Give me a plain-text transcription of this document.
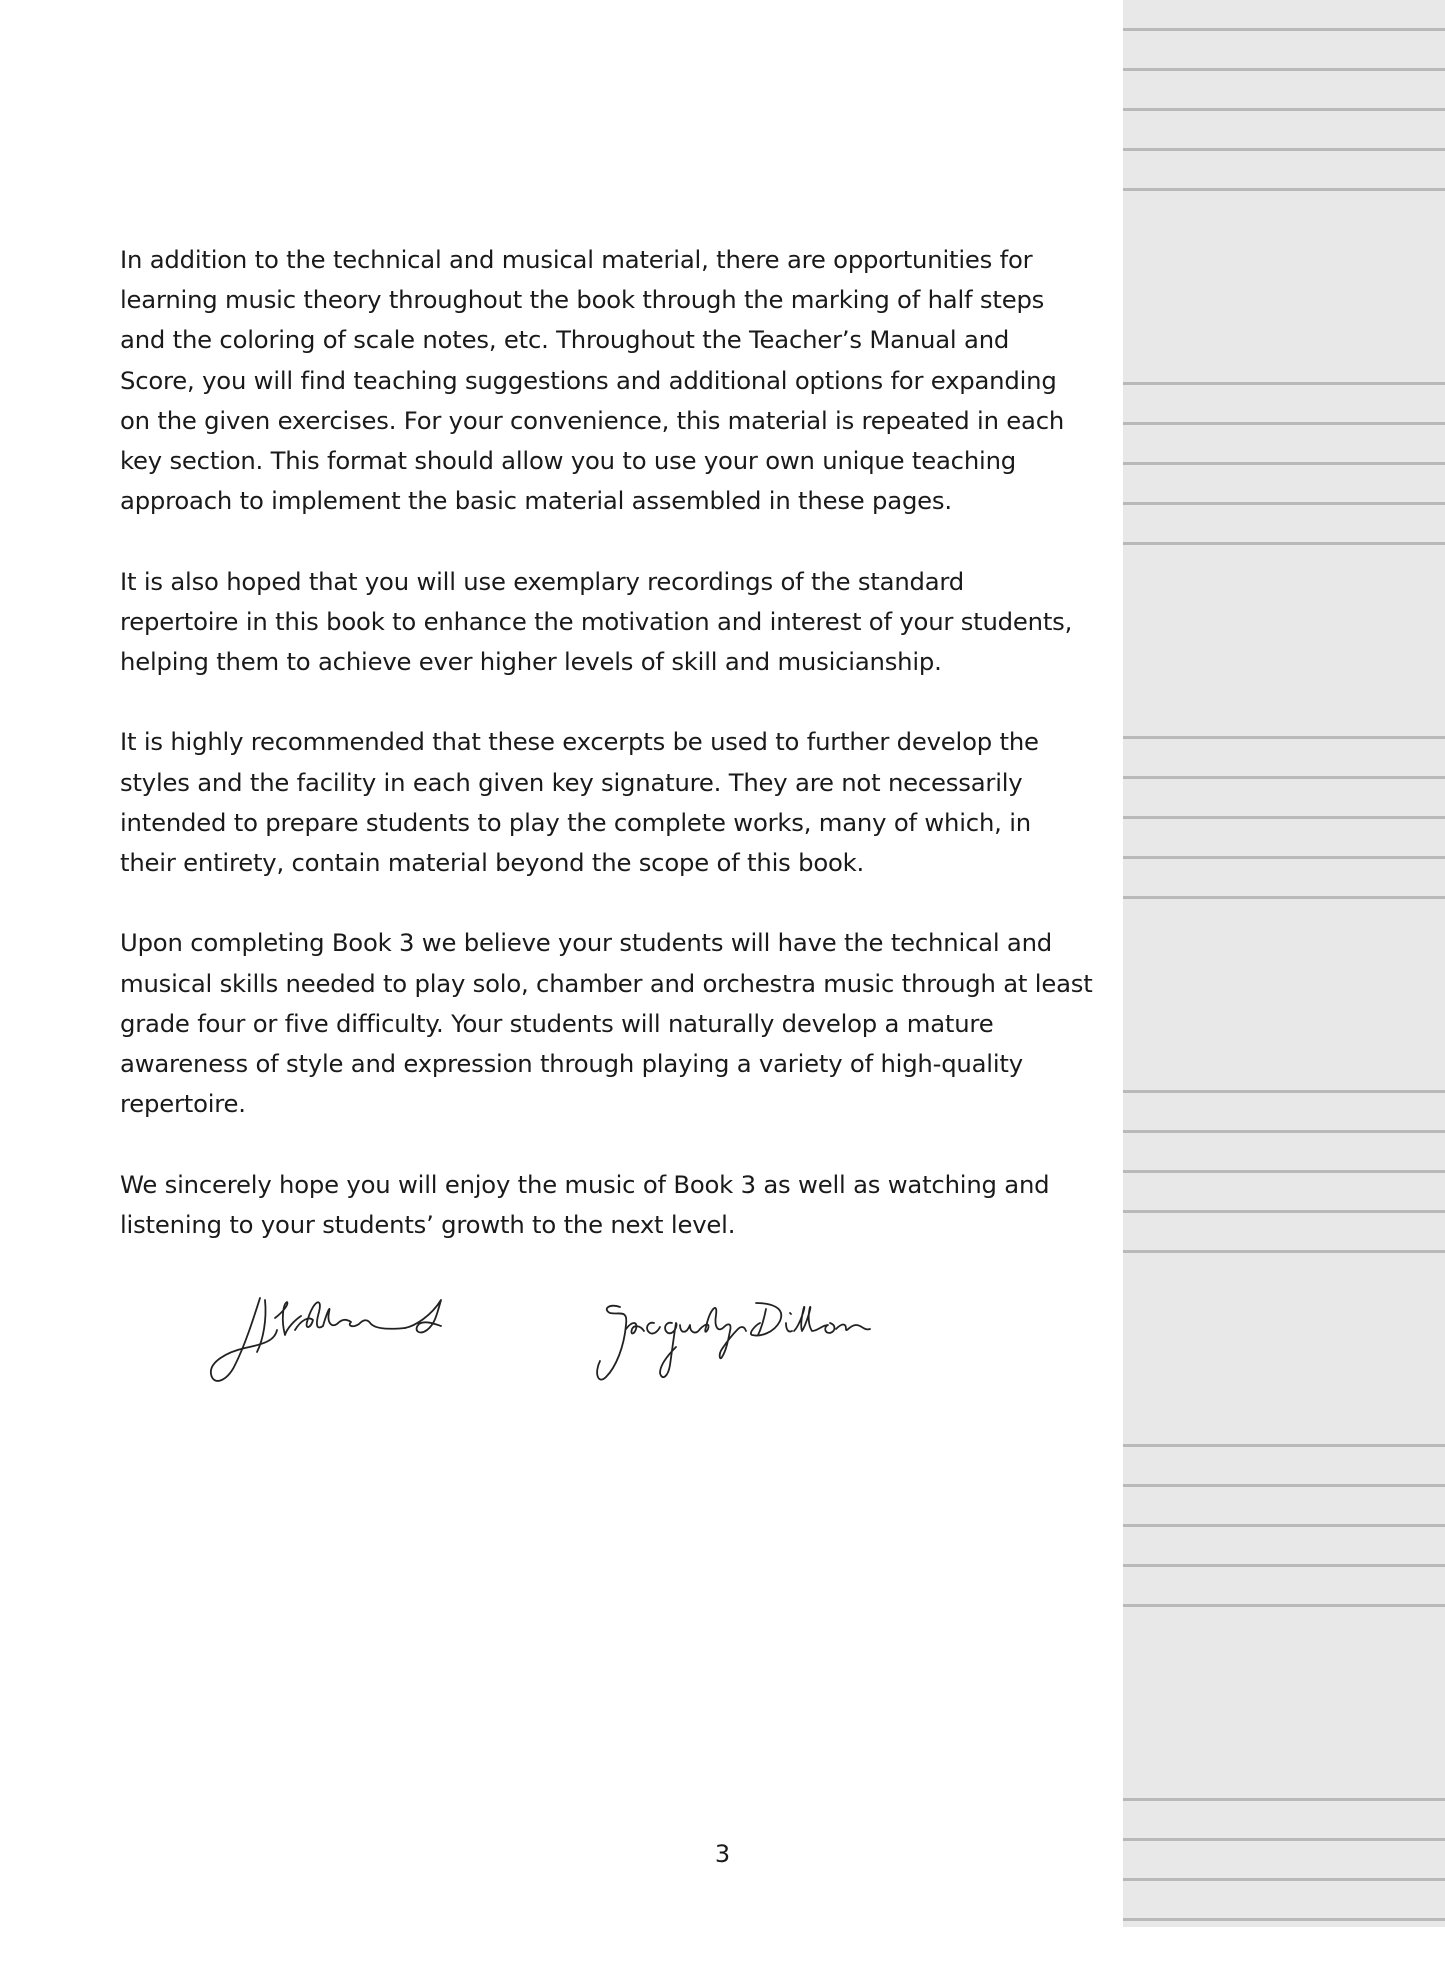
In addition to the technical and musical material, there are opportunities for
learning music theory throughout the book through the marking of half steps
and the coloring of scale notes, etc. Throughout the Teacher’s Manual and
Score, you will find teaching suggestions and additional options for expanding
on the given exercises. For your convenience, this material is repeated in each
key section. This format should allow you to use your own unique teaching
approach to implement the basic material assembled in these pages.

It is also hoped that you will use exemplary recordings of the standard
repertoire in this book to enhance the motivation and interest of your students,
helping them to achieve ever higher levels of skill and musicianship.

It is highly recommended that these excerpts be used to further develop the
styles and the facility in each given key signature. They are not necessarily
intended to prepare students to play the complete works, many of which, in
their entirety, contain material beyond the scope of this book.

Upon completing Book 3 we believe your students will have the technical and
musical skills needed to play solo, chamber and orchestra music through at least
grade four or five difficulty. Your students will naturally develop a mature
awareness of style and expression through playing a variety of high-quality
repertoire.

We sincerely hope you will enjoy the music of Book 3 as well as watching and
listening to your students’ growth to the next level.

3
